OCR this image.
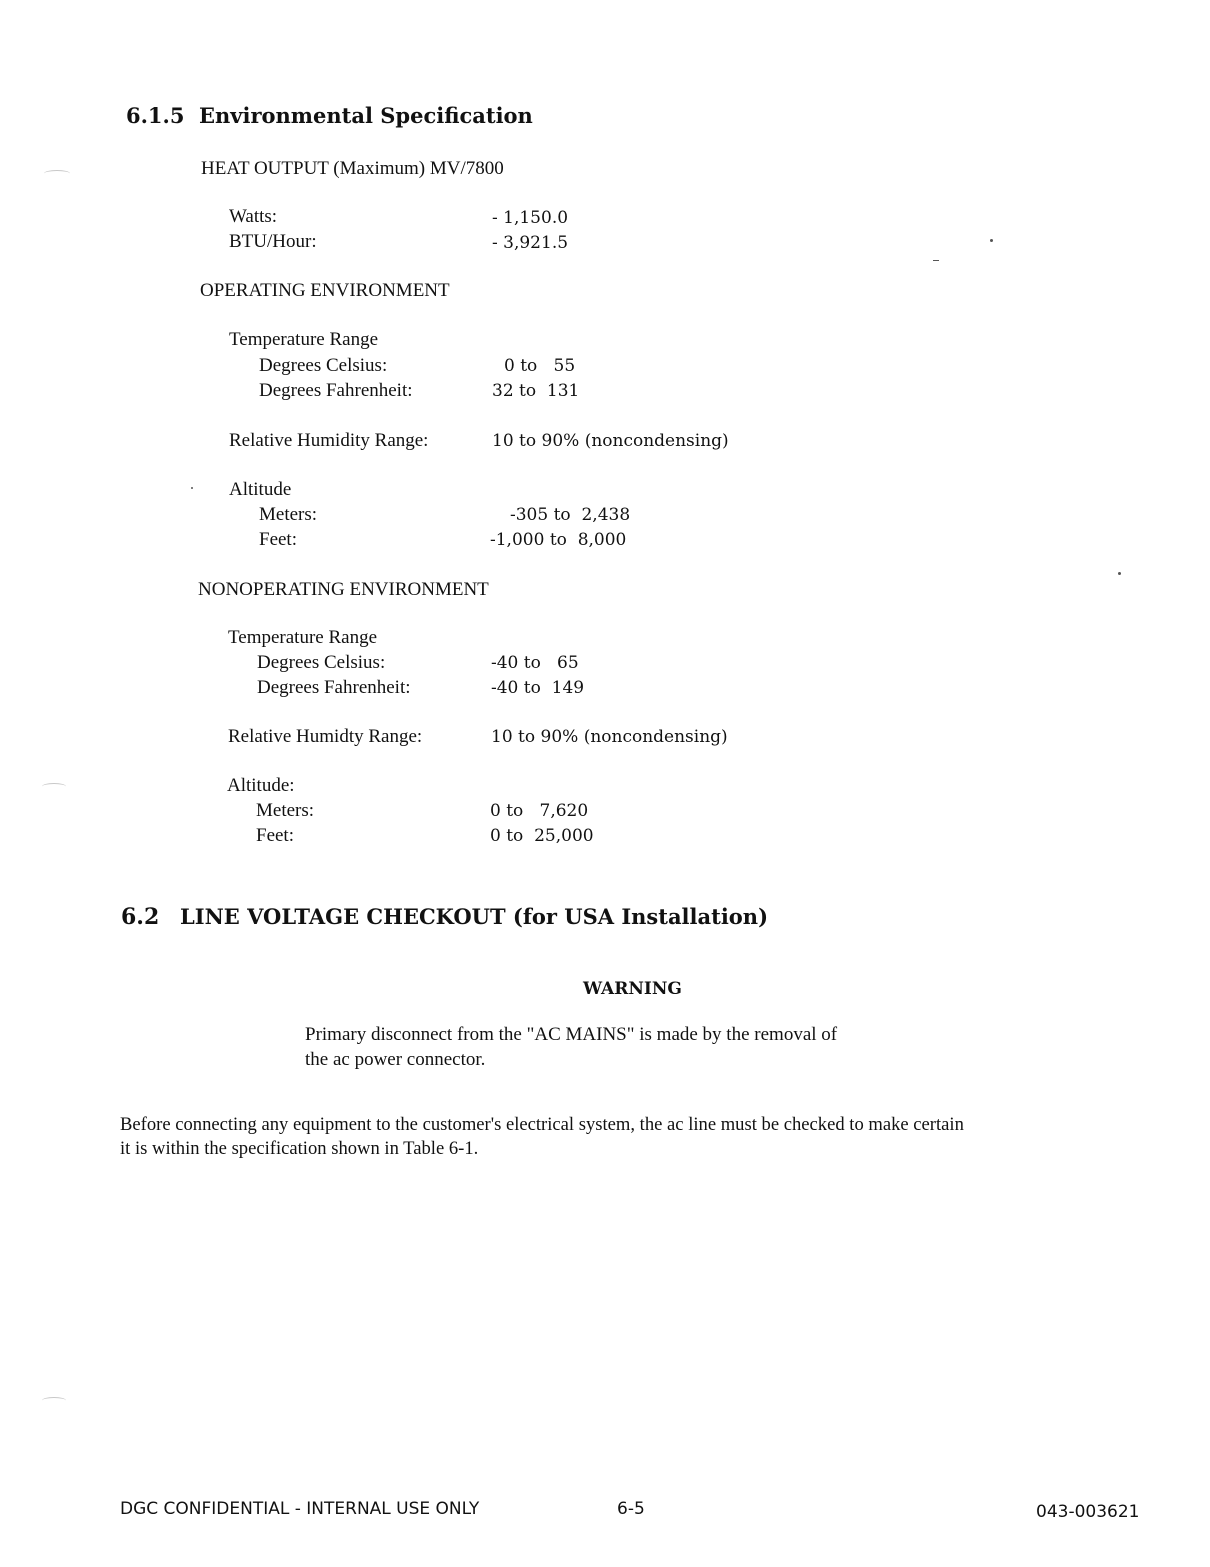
6.1.5 Environmental Specification
HEAT OUTPUT (Maximum) MV/7800
Watts:	- 1,150.0
BTU/Hour:	- 3,921.5
OPERATING ENVIRONMENT
Temperature Range
Degrees Celsius:	0 to   55
Degrees Fahrenheit:	32 to  131
Relative Humidity Range:	10 to 90% (noncondensing)
Altitude
Meters:	-305 to  2,438
Feet:	-1,000 to  8,000
NONOPERATING ENVIRONMENT
Temperature Range
Degrees Celsius:	-40 to   65
Degrees Fahrenheit:	-40 to  149
Relative Humidty Range:	10 to 90% (noncondensing)
Altitude:
Meters:	0 to   7,620
Feet:	0 to  25,000
6.2 LINE VOLTAGE CHECKOUT (for USA Installation)
WARNING
Primary disconnect from the "AC MAINS" is made by the removal of
the ac power connector.
Before connecting any equipment to the customer's electrical system, the ac line must be checked to make certain
it is within the specification shown in Table 6-1.
DGC CONFIDENTIAL - INTERNAL USE ONLY	6-5	043-003621
